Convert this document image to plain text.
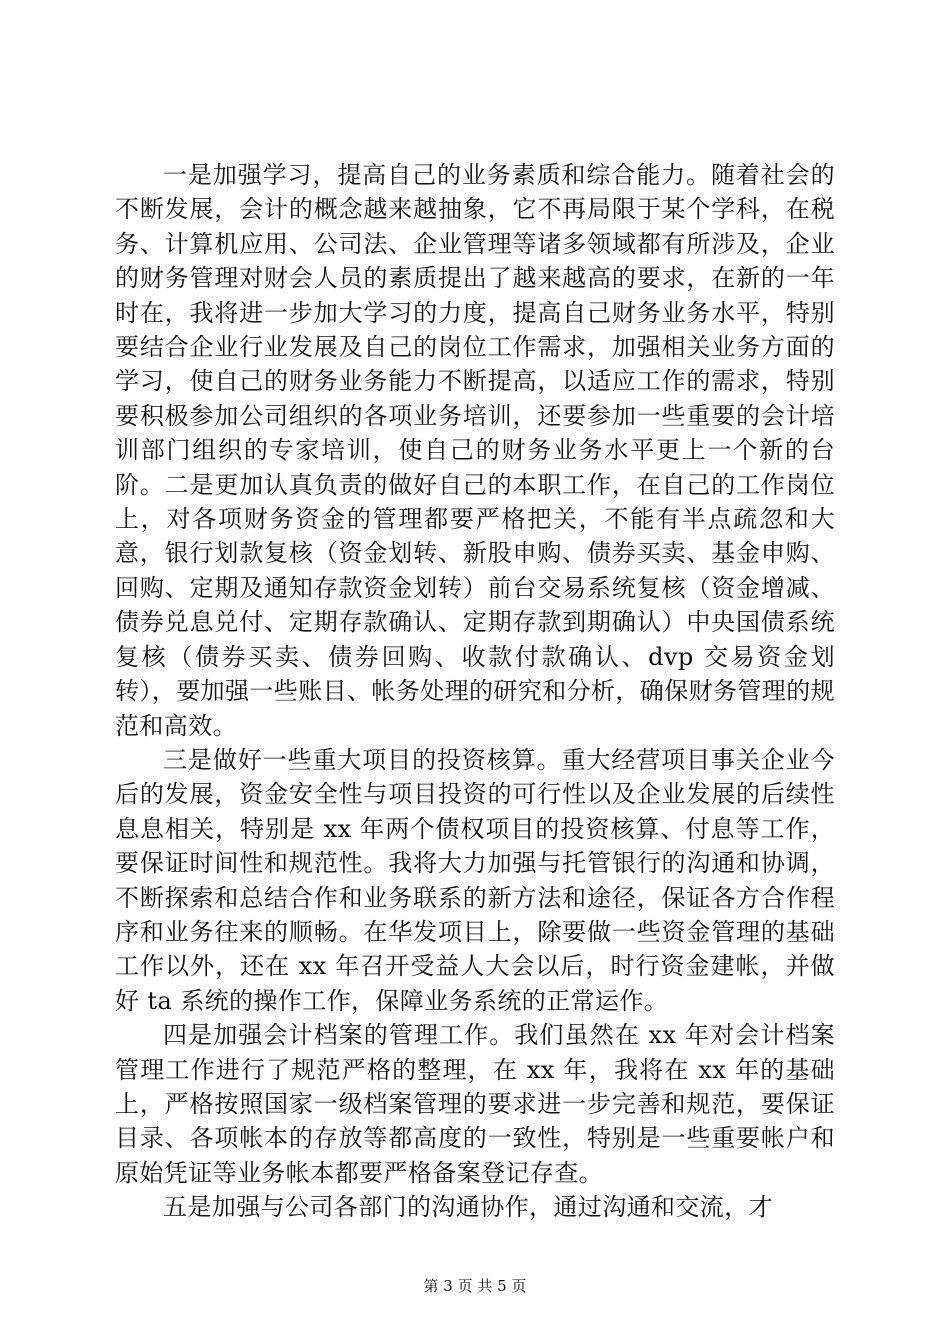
一是加强学习，提高自己的业务素质和综合能力。随着社会的不断发展，会计的概念越来越抽象，它不再局限于某个学科，在税务、计算机应用、公司法、企业管理等诸多领域都有所涉及，企业的财务管理对财会人员的素质提出了越来越高的要求，在新的一年时在，我将进一步加大学习的力度，提高自己财务业务水平，特别要结合企业行业发展及自己的岗位工作需求，加强相关业务方面的学习，使自己的财务业务能力不断提高，以适应工作的需求，特别要积极参加公司组织的各项业务培训，还要参加一些重要的会计培训部门组织的专家培训，使自己的财务业务水平更上一个新的台阶。二是更加认真负责的做好自己的本职工作，在自己的工作岗位上，对各项财务资金的管理都要严格把关，不能有半点疏忽和大意，银行划款复核（资金划转、新股申购、债券买卖、基金申购、回购、定期及通知存款资金划转）前台交易系统复核（资金增减、债券兑息兑付、定期存款确认、定期存款到期确认）中央国债系统复核（债券买卖、债券回购、收款付款确认、dvp 交易资金划转），要加强一些账目、帐务处理的研究和分析，确保财务管理的规范和高效。

三是做好一些重大项目的投资核算。重大经营项目事关企业今后的发展，资金安全性与项目投资的可行性以及企业发展的后续性息息相关，特别是 xx 年两个债权项目的投资核算、付息等工作，要保证时间性和规范性。我将大力加强与托管银行的沟通和协调，不断探索和总结合作和业务联系的新方法和途径，保证各方合作程序和业务往来的顺畅。在华发项目上，除要做一些资金管理的基础工作以外，还在 xx 年召开受益人大会以后，时行资金建帐，并做好 ta 系统的操作工作，保障业务系统的正常运作。

四是加强会计档案的管理工作。我们虽然在 xx 年对会计档案管理工作进行了规范严格的整理，在 xx 年，我将在 xx 年的基础上，严格按照国家一级档案管理的要求进一步完善和规范，要保证目录、各项帐本的存放等都高度的一致性，特别是一些重要帐户和原始凭证等业务帐本都要严格备案登记存查。

五是加强与公司各部门的沟通协作，通过沟通和交流，才

第 3 页 共 5 页
